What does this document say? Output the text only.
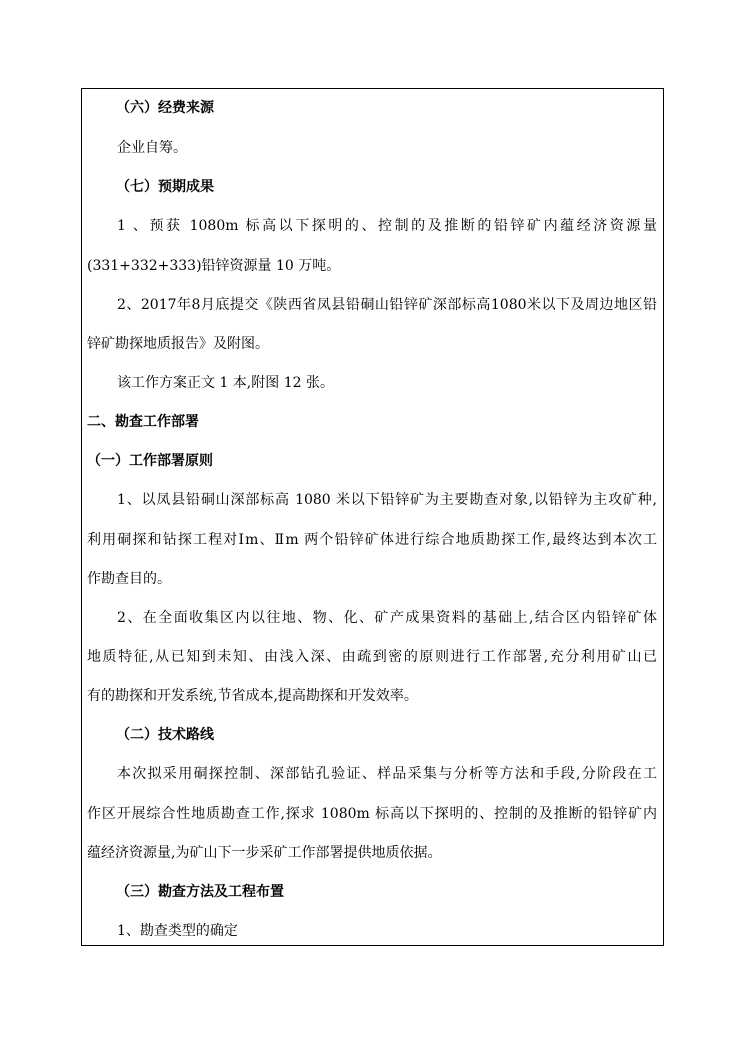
（六）经费来源
企业自筹。
（七）预期成果
1 、预获 1080m 标高以下探明的、控制的及推断的铅锌矿内蕴经济资源量
(331+332+333)铅锌资源量 10 万吨。
2、2017年8月底提交《陕西省凤县铅硐山铅锌矿深部标高1080米以下及周边地区铅
锌矿勘探地质报告》及附图。
该工作方案正文 1 本,附图 12 张。
二、勘查工作部署
（一）工作部署原则
1、以凤县铅硐山深部标高 1080 米以下铅锌矿为主要勘查对象,以铅锌为主攻矿种,
利用硐探和钻探工程对Ⅰm、Ⅱm 两个铅锌矿体进行综合地质勘探工作,最终达到本次工
作勘查目的。
2、在全面收集区内以往地、物、化、矿产成果资料的基础上,结合区内铅锌矿体
地质特征,从已知到未知、由浅入深、由疏到密的原则进行工作部署,充分利用矿山已
有的勘探和开发系统,节省成本,提高勘探和开发效率。
（二）技术路线
本次拟采用硐探控制、深部钻孔验证、样品采集与分析等方法和手段,分阶段在工
作区开展综合性地质勘查工作,探求 1080m 标高以下探明的、控制的及推断的铅锌矿内
蕴经济资源量,为矿山下一步采矿工作部署提供地质依据。
（三）勘查方法及工程布置
1、勘查类型的确定
